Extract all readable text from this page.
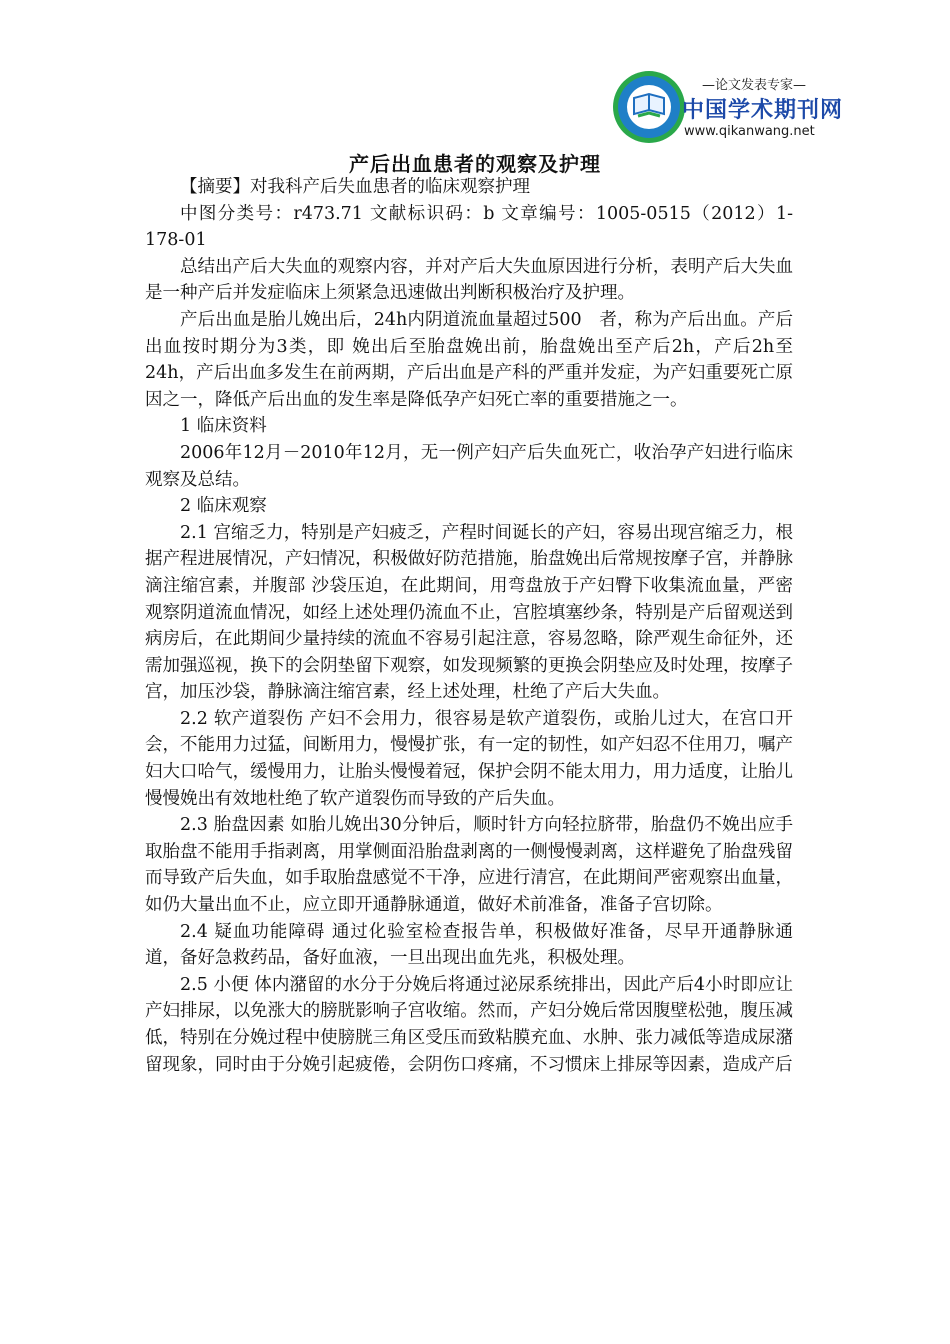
—论文发表专家—
中国学术期刊网
www.qikanwang.net
产后出血患者的观察及护理

【摘要】对我科产后失血患者的临床观察护理

中图分类号：r473.71 文献标识码：b 文章编号：1005-0515（2012）1-178-01

总结出产后大失血的观察内容，并对产后大失血原因进行分析，表明产后大失血是一种产后并发症临床上须紧急迅速做出判断积极治疗及护理。

产后出血是胎儿娩出后，24h内阴道流血量超过500　者，称为产后出血。产后出血按时期分为3类，即 娩出后至胎盘娩出前，胎盘娩出至产后2h，产后2h至24h，产后出血多发生在前两期，产后出血是产科的严重并发症，为产妇重要死亡原因之一，降低产后出血的发生率是降低孕产妇死亡率的重要措施之一。

1 临床资料

2006年12月－2010年12月，无一例产妇产后失血死亡，收治孕产妇进行临床观察及总结。

2 临床观察

2.1 宫缩乏力，特别是产妇疲乏，产程时间诞长的产妇，容易出现宫缩乏力，根据产程进展情况，产妇情况，积极做好防范措施，胎盘娩出后常规按摩子宫，并静脉滴注缩宫素，并腹部 沙袋压迫，在此期间，用弯盘放于产妇臀下收集流血量，严密观察阴道流血情况，如经上述处理仍流血不止，宫腔填塞纱条，特别是产后留观送到病房后，在此期间少量持续的流血不容易引起注意，容易忽略，除严观生命征外，还需加强巡视，换下的会阴垫留下观察，如发现频繁的更换会阴垫应及时处理，按摩子宫，加压沙袋，静脉滴注缩宫素，经上述处理，杜绝了产后大失血。

2.2 软产道裂伤 产妇不会用力，很容易是软产道裂伤，或胎儿过大，在宫口开会，不能用力过猛，间断用力，慢慢扩张，有一定的韧性，如产妇忍不住用刀，嘱产妇大口哈气，缓慢用力，让胎头慢慢着冠，保护会阴不能太用力，用力适度，让胎儿慢慢娩出有效地杜绝了软产道裂伤而导致的产后失血。

2.3 胎盘因素 如胎儿娩出30分钟后，顺时针方向轻拉脐带，胎盘仍不娩出应手取胎盘不能用手指剥离，用掌侧面沿胎盘剥离的一侧慢慢剥离，这样避免了胎盘残留而导致产后失血，如手取胎盘感觉不干净，应进行清宫，在此期间严密观察出血量，如仍大量出血不止，应立即开通静脉通道，做好术前准备，准备子宫切除。

2.4 疑血功能障碍 通过化验室检查报告单，积极做好准备，尽早开通静脉通道，备好急救药品，备好血液，一旦出现出血先兆，积极处理。

2.5 小便 体内潴留的水分于分娩后将通过泌尿系统排出，因此产后4小时即应让产妇排尿，以免涨大的膀胱影响子宫收缩。然而，产妇分娩后常因腹壁松弛，腹压减低，特别在分娩过程中使膀胱三角区受压而致粘膜充血、水肿、张力减低等造成尿潴留现象，同时由于分娩引起疲倦，会阴伤口疼痛，不习惯床上排尿等因素，造成产后
